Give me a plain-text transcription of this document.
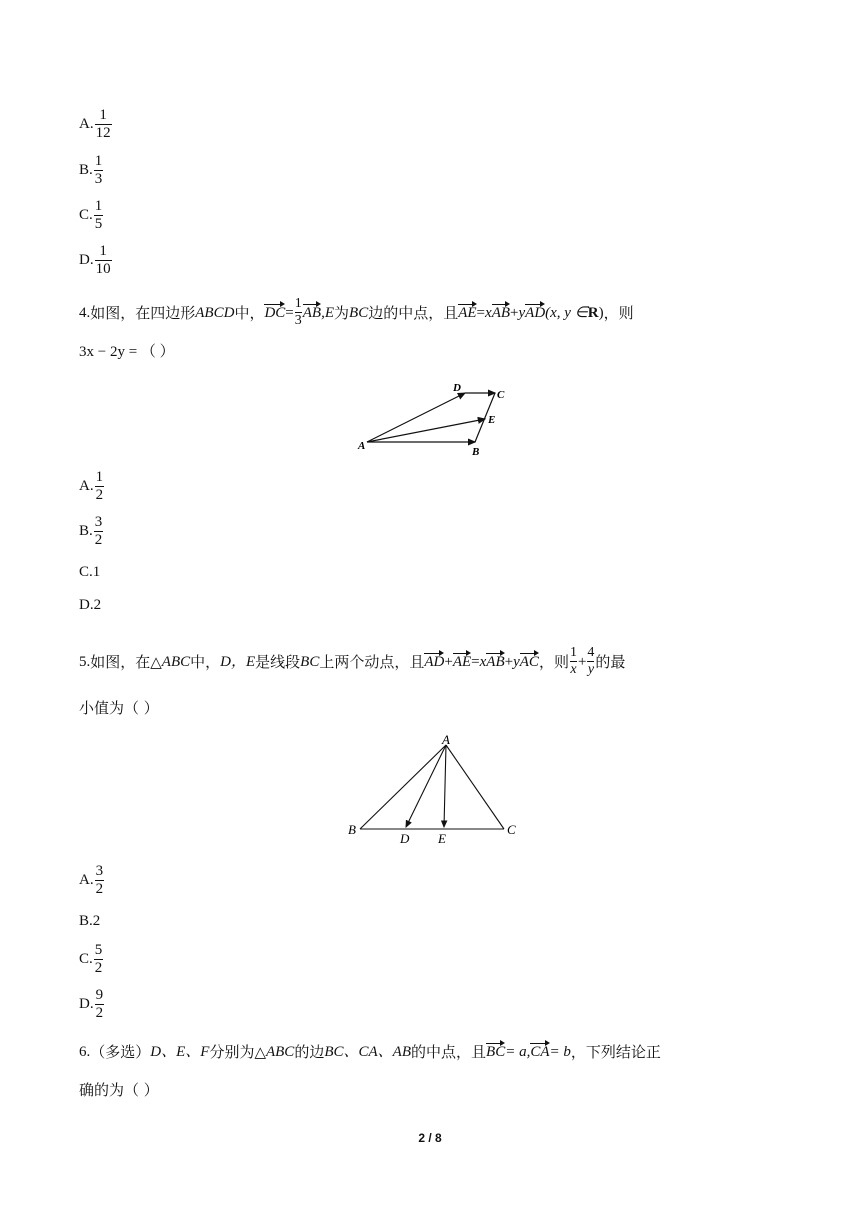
A. $\frac{1}{12}$
B. $\frac{1}{3}$
C. $\frac{1}{5}$
D. $\frac{1}{10}$
4. 如图，在四边形 ABCD 中， DC = $\frac{1}{3}$ AB ,E 为 BC 边的中点，且 AE = x AB + y AD (x, y ∈ R ) ，则
3x − 2y = （ ）
A	B
C
D
E
A. $\frac{1}{2}$
B. $\frac{3}{2}$
C.1
D.2
5. 如图，在△ ABC 中， D，E 是线段 BC 上两个动点，且 AD + AE = x AB + y AC ，则 $\frac{1}{x} + \frac{4}{y}$ 的最
小值为（ ）
A
B	C
D E
A. $\frac{3}{2}$
B.2
C. $\frac{5}{2}$
D. $\frac{9}{2}$
6. （多选） D、E、F 分别为△ ABC 的边 BC、CA、AB 的中点，且 BC = a, CA = b ，下列结论正
确的为（ ）
2 / 8
